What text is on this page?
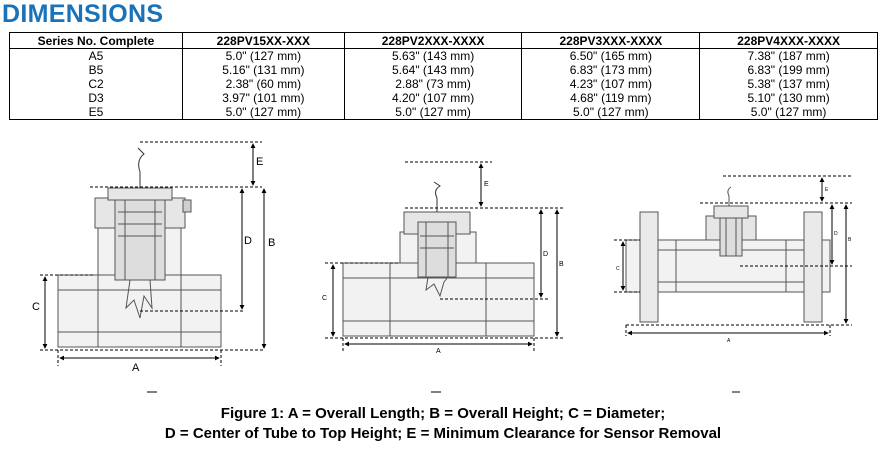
DIMENSIONS
Series No. Complete	228PV15XX-XXX	228PV2XXX-XXXX	228PV3XXX-XXXX	228PV4XXX-XXXX
A5	5.0" (127 mm)	5.63" (143 mm)	6.50" (165 mm)	7.38" (187 mm)
B5	5.16" (131 mm)	5.64" (143 mm)	6.83" (173 mm)	6.83" (199 mm)
C2	2.38" (60 mm)	2.88" (73 mm)	4.23" (107 mm)	5.38" (137 mm)
D3	3.97" (101 mm)	4.20" (107 mm)	4.68" (119 mm)	5.10" (130 mm)
E5	5.0" (127 mm)	5.0" (127 mm)	5.0" (127 mm)	5.0" (127 mm)
E
D B
C
A
E
D
B
C
A
E
D
B
C
A
Figure 1: A = Overall Length; B = Overall Height; C = Diameter;
D = Center of Tube to Top Height; E = Minimum Clearance for Sensor Removal
